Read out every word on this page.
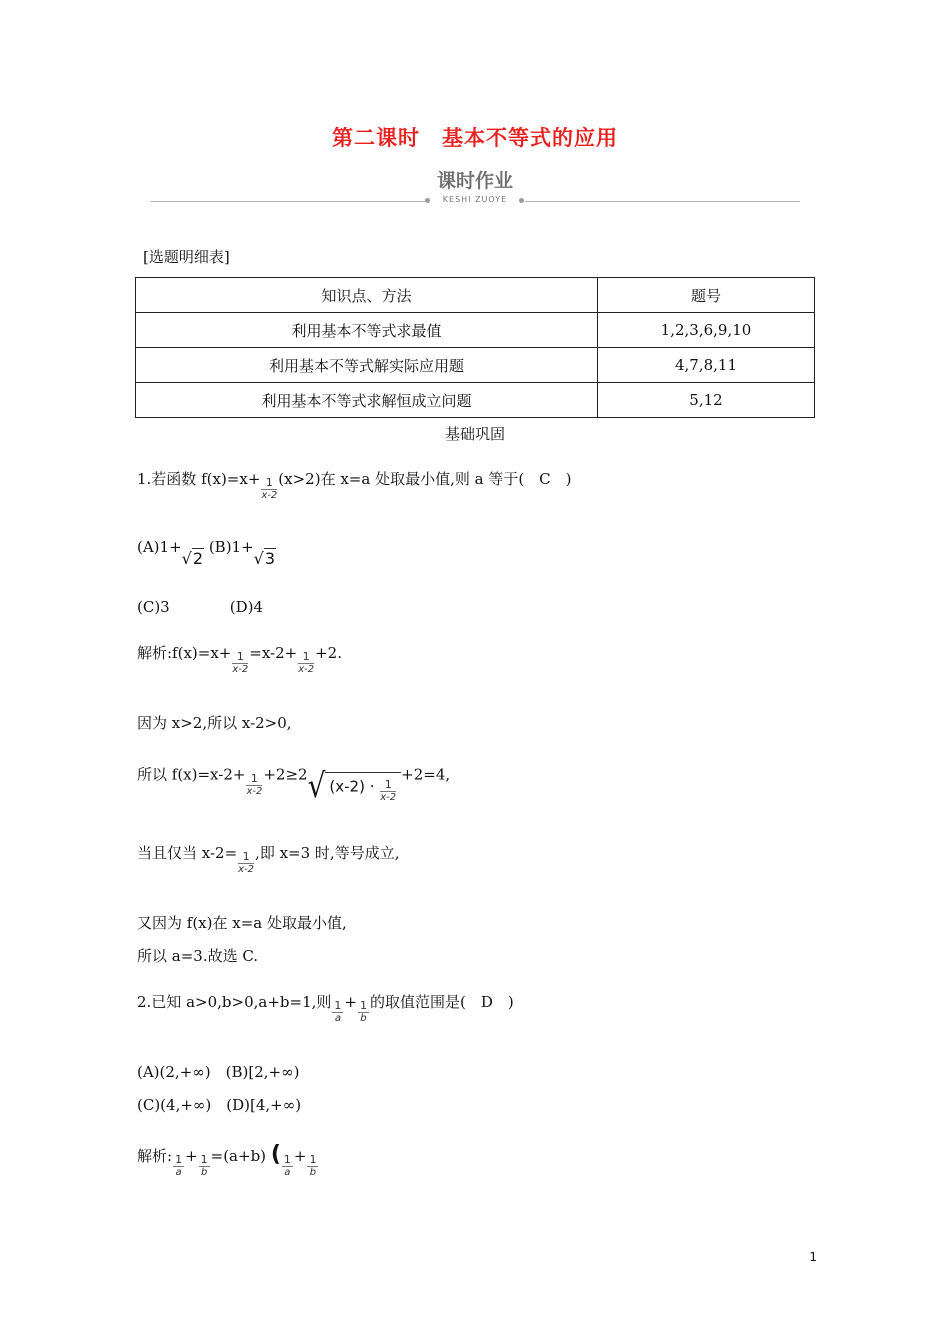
第二课时　基本不等式的应用
课时作业
KESHI ZUOYE
[选题明细表]
知识点、方法	题号
利用基本不等式求最值	1,2,3,6,9,10
利用基本不等式解实际应用题	4,7,8,11
利用基本不等式求解恒成立问题	5,12
基础巩固
1.若函数 $f(x)=x+ \frac{1}{x-2} (x>2)$在 x=a 处取最小值,则 a 等于(　C　)
(A)1+√2 (B)1+√3
(C)3　　　　(D)4
解析:f(x)=x+ $\frac{1}{x-2} =x-2+ \frac{1}{x-2} +2$.
因为 x>2,所以 x-2>0,
所以 $f(x)=x-2+ \frac{1}{x-2} +2\ge 2√$ $(x-2) \cdot \frac{1}{x-2}$
+2=4,
当且仅当 $x-2= \frac{1}{x-2}$ ,即 x=3 时,等号成立,
又因为 f(x)在 x=a 处取最小值,
所以 a=3.故选 C.
2.已知 a>0,b>0,a+b=1,则 $\frac{1}{a} + \frac{1}{b}$ 的取值范围是(　D　)
(A)(2,+∞)　(B)[2,+∞)
(C)(4,+∞)　(D)[4,+∞)
解析: $\frac{1}{a} + \frac{1}{b} =(a+b)$ ( $\frac{1}{a} + \frac{1}{b}$
1
